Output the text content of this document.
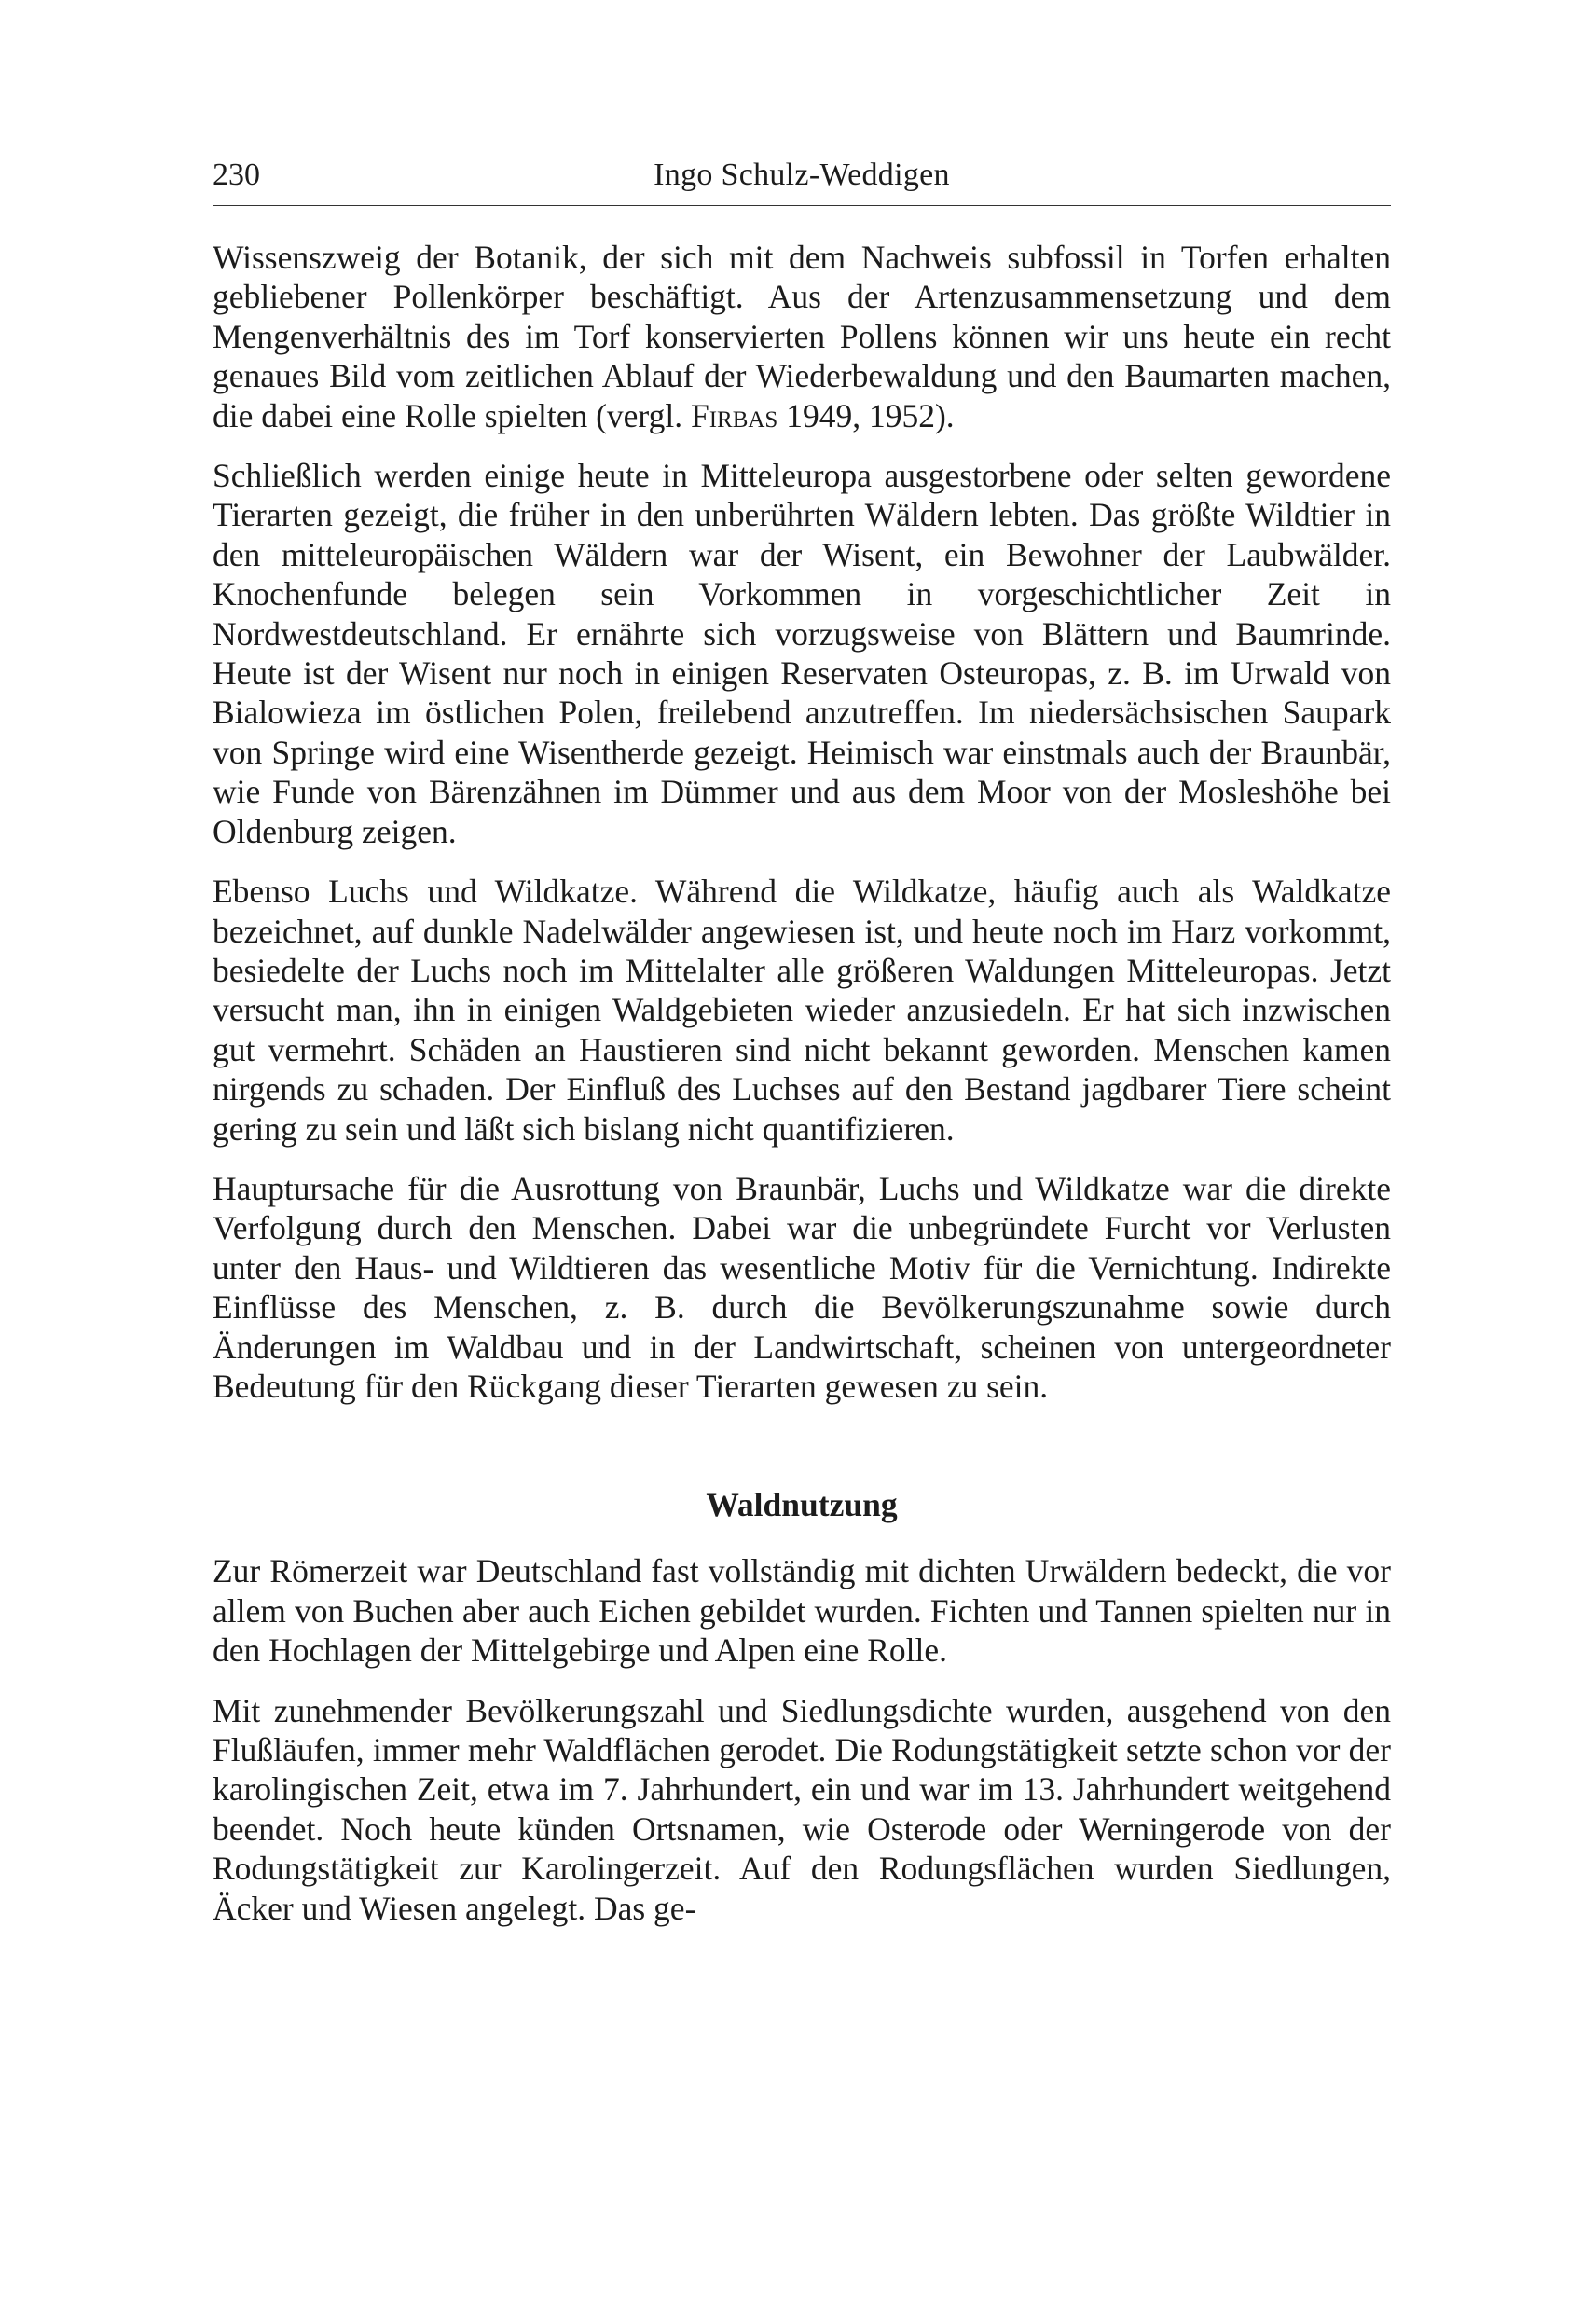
230	Ingo Schulz-Weddigen

Wissenszweig der Botanik, der sich mit dem Nachweis subfossil in Torfen erhalten gebliebener Pollenkörper beschäftigt. Aus der Artenzusammensetzung und dem Mengenverhältnis des im Torf konservierten Pollens können wir uns heute ein recht genaues Bild vom zeitlichen Ablauf der Wiederbewaldung und den Baumarten machen, die dabei eine Rolle spielten (vergl. Firbas 1949, 1952).

Schließlich werden einige heute in Mitteleuropa ausgestorbene oder selten gewordene Tierarten gezeigt, die früher in den unberührten Wäldern lebten. Das größte Wildtier in den mitteleuropäischen Wäldern war der Wisent, ein Bewohner der Laubwälder. Knochenfunde belegen sein Vorkommen in vorgeschichtlicher Zeit in Nordwestdeutschland. Er ernährte sich vorzugsweise von Blättern und Baumrinde. Heute ist der Wisent nur noch in einigen Reservaten Osteuropas, z. B. im Urwald von Bialowieza im östlichen Polen, freilebend anzutreffen. Im niedersächsischen Saupark von Springe wird eine Wisentherde gezeigt. Heimisch war einstmals auch der Braunbär, wie Funde von Bärenzähnen im Dümmer und aus dem Moor von der Mosleshöhe bei Oldenburg zeigen.

Ebenso Luchs und Wildkatze. Während die Wildkatze, häufig auch als Waldkatze bezeichnet, auf dunkle Nadelwälder angewiesen ist, und heute noch im Harz vorkommt, besiedelte der Luchs noch im Mittelalter alle größeren Waldungen Mitteleuropas. Jetzt versucht man, ihn in einigen Waldgebieten wieder anzusiedeln. Er hat sich inzwischen gut vermehrt. Schäden an Haustieren sind nicht bekannt geworden. Menschen kamen nirgends zu schaden. Der Einfluß des Luchses auf den Bestand jagdbarer Tiere scheint gering zu sein und läßt sich bislang nicht quantifizieren.

Hauptursache für die Ausrottung von Braunbär, Luchs und Wildkatze war die direkte Verfolgung durch den Menschen. Dabei war die unbegründete Furcht vor Verlusten unter den Haus- und Wildtieren das wesentliche Motiv für die Vernichtung. Indirekte Einflüsse des Menschen, z. B. durch die Bevölkerungszunahme sowie durch Änderungen im Waldbau und in der Landwirtschaft, scheinen von untergeordneter Bedeutung für den Rückgang dieser Tierarten gewesen zu sein.

Waldnutzung

Zur Römerzeit war Deutschland fast vollständig mit dichten Urwäldern bedeckt, die vor allem von Buchen aber auch Eichen gebildet wurden. Fichten und Tannen spielten nur in den Hochlagen der Mittelgebirge und Alpen eine Rolle.

Mit zunehmender Bevölkerungszahl und Siedlungsdichte wurden, ausgehend von den Flußläufen, immer mehr Waldflächen gerodet. Die Rodungstätigkeit setzte schon vor der karolingischen Zeit, etwa im 7. Jahrhundert, ein und war im 13. Jahrhundert weitgehend beendet. Noch heute künden Ortsnamen, wie Osterode oder Werningerode von der Rodungstätigkeit zur Karolingerzeit. Auf den Rodungsflächen wurden Siedlungen, Äcker und Wiesen angelegt. Das ge-
